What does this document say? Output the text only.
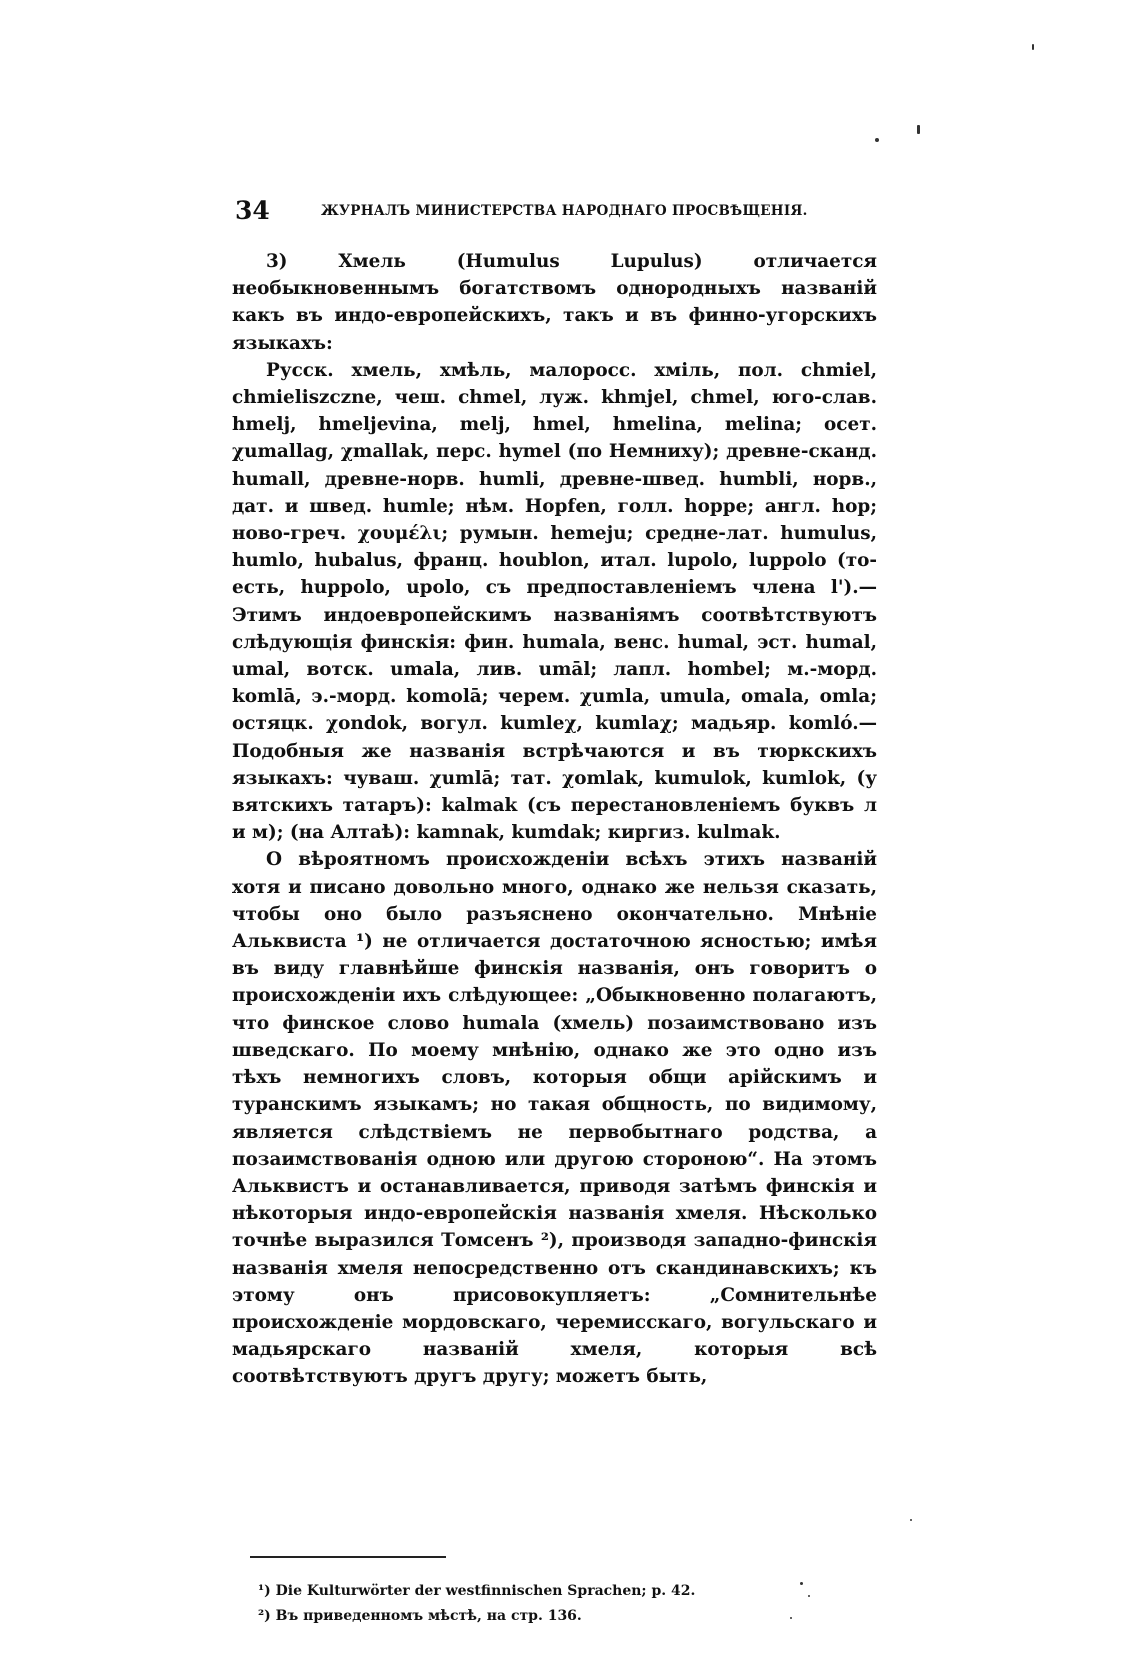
34	ЖУРНАЛЪ МИНИСТЕРСТВА НАРОДНАГО ПРОСВѢЩЕНІЯ.

3) Хмель (Humulus Lupulus) отличается необыкновеннымъ богатствомъ однородныхъ названій какъ въ индо-европейскихъ, такъ и въ финно-угорскихъ языкахъ:

Русск. хмель, хмѣль, малоросс. хміль, пол. chmiel, chmieliszczne, чеш. chmel, луж. khmjel, chmel, юго-слав. hmelj, hmeljevina, melj, hmel, hmelina, melina; осет. χumallag, χmallak, перс. hymel (по Немниху); древне-сканд. humall, древне-норв. humli, древне-швед. humbli, норв., дат. и швед. humle; нѣм. Hopfen, голл. hoppe; англ. hop; ново-греч. χουμέλι; румын. hemeju; средне-лат. humulus, humlo, hubalus, франц. houblon, итал. lupolo, luppolo (то-есть, huppolo, upolo, съ предпоставленіемъ члена l').—Этимъ индоевропейскимъ названіямъ соотвѣтствуютъ слѣдующія финскія: фин. humala, венс. humal, эст. humal, umal, вотск. umala, лив. umāl; лапл. hombel; м.-морд. komlā, э.-морд. komolā; черем. χumla, umula, omala, omla; остяцк. χondok, вогул. kumleχ, kumlaχ; мадьяр. komló.—Подобныя же названія встрѣчаются и въ тюркскихъ языкахъ: чуваш. χumlā; тат. χomlak, kumulok, kumlok, (у вятскихъ татаръ): kalmak (съ перестановленіемъ буквъ л и м); (на Алтаѣ): kamnak, kumdak; киргиз. kulmak.

О вѣроятномъ происхожденіи всѣхъ этихъ названій хотя и писано довольно много, однако же нельзя сказать, чтобы оно было разъяснено окончательно. Мнѣніе Альквиста ¹) не отличается достаточною ясностью; имѣя въ виду главнѣйше финскія названія, онъ говоритъ о происхожденіи ихъ слѣдующее: „Обыкновенно полагаютъ, что финское слово humala (хмель) позаимствовано изъ шведскаго. По моему мнѣнію, однако же это одно изъ тѣхъ немногихъ словъ, которыя общи арійскимъ и туранскимъ языкамъ; но такая общность, по видимому, является слѣдствіемъ не первобытнаго родства, а позаимствованія одною или другою стороною“. На этомъ Альквистъ и останавливается, приводя затѣмъ финскія и нѣкоторыя индо-европейскія названія хмеля. Нѣсколько точнѣе выразился Томсенъ ²), производя западно-финскія названія хмеля непосредственно отъ скандинавскихъ; къ этому онъ присовокупляетъ: „Сомнительнѣе происхожденіе мордовскаго, черемисскаго, вогульскаго и мадьярскаго названій хмеля, которыя всѣ соотвѣтствуютъ другъ другу; можетъ быть,

¹) Die Kulturwörter der westfinnischen Sprachen; p. 42.
²) Въ приведенномъ мѣстѣ, на стр. 136.
